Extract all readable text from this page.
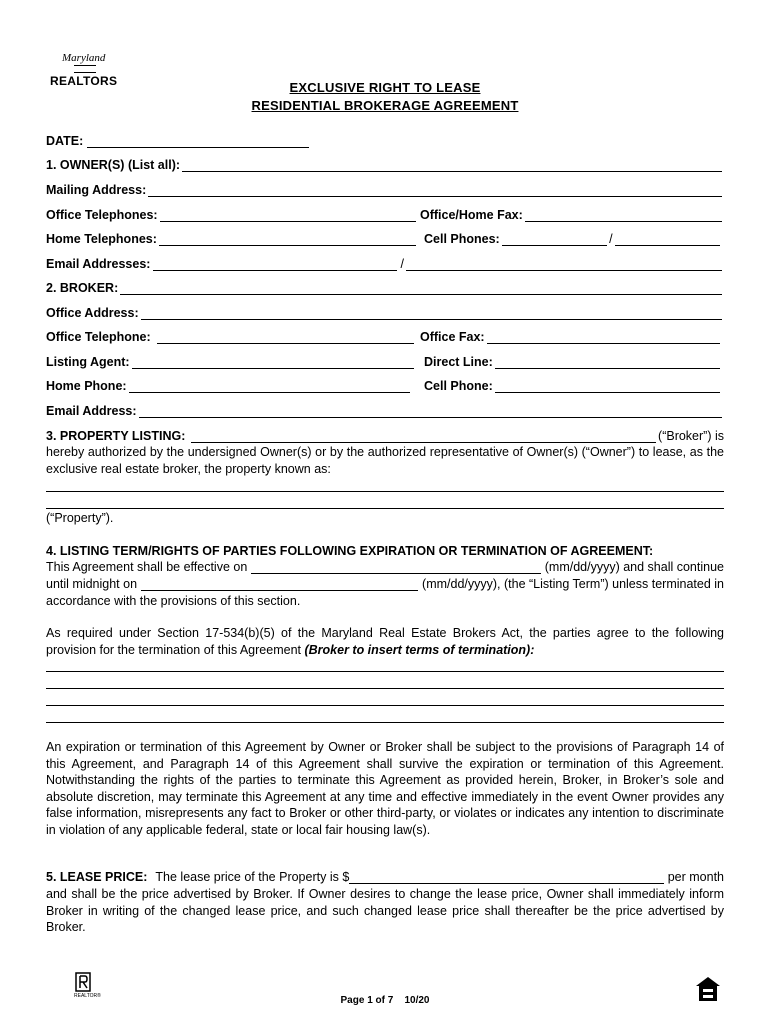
Maryland
REALTORS	EXCLUSIVE RIGHT TO LEASE
RESIDENTIAL BROKERAGE AGREEMENT
DATE:
1. OWNER(S) (List all):
Mailing Address:
Office Telephones:	Office/Home Fax:
Home Telephones:	Cell Phones:	/
Email Addresses:	/
2. BROKER:
Office Address:
Office Telephone:	Office Fax:
Listing Agent:	Direct Line:
Home Phone:	Cell Phone:
Email Address:
3. PROPERTY LISTING:	(“Broker”) is
hereby authorized by the undersigned Owner(s) or by the authorized representative of Owner(s) (“Owner”) to lease, as the exclusive real estate broker, the property known as:
(“Property”).
4. LISTING TERM/RIGHTS OF PARTIES FOLLOWING EXPIRATION OR TERMINATION OF AGREEMENT:
This Agreement shall be effective on	(mm/dd/yyyy) and shall continue
until midnight on	(mm/dd/yyyy), (the “Listing Term”) unless terminated in
accordance with the provisions of this section.
As required under Section 17-534(b)(5) of the Maryland Real Estate Brokers Act, the parties agree to the following provision for the termination of this Agreement (Broker to insert terms of termination):
An expiration or termination of this Agreement by Owner or Broker shall be subject to the provisions of Paragraph 14 of this Agreement, and Paragraph 14 of this Agreement shall survive the expiration or termination of this Agreement. Notwithstanding the rights of the parties to terminate this Agreement as provided herein, Broker, in Broker’s sole and absolute discretion, may terminate this Agreement at any time and effective immediately in the event Owner provides any false information, misrepresents any fact to Broker or other third-party, or violates or indicates any intention to discriminate in violation of any applicable federal, state or local fair housing law(s).
5. LEASE PRICE: The lease price of the Property is $	per month
and shall be the price advertised by Broker. If Owner desires to change the lease price, Owner shall immediately inform Broker in writing of the changed lease price, and such changed lease price shall thereafter be the price advertised by Broker.
REALTOR®	Page 1 of 7 10/20
